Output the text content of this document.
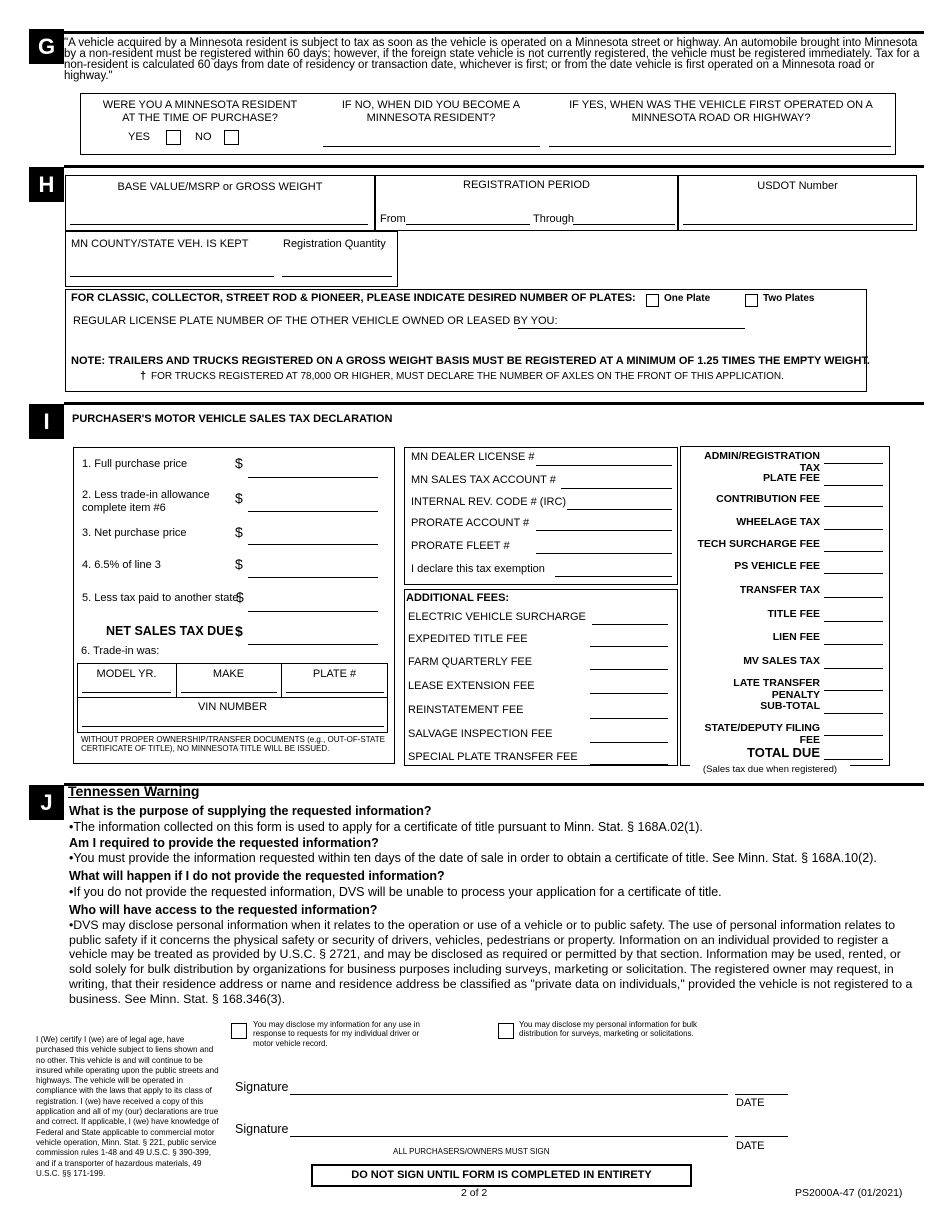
G "A vehicle acquired by a Minnesota resident is subject to tax as soon as the vehicle is operated on a Minnesota street or highway. An automobile brought into Minnesota by a non-resident must be registered within 60 days; however, if the foreign state vehicle is not currently registered, the vehicle must be registered immediately. Tax for a non-resident is calculated 60 days from date of residency or transaction date, whichever is first; or from the date vehicle is first operated on a Minnesota road or highway."
WERE YOU A MINNESOTA RESIDENT AT THE TIME OF PURCHASE?
YES	NO
IF NO, WHEN DID YOU BECOME A MINNESOTA RESIDENT?
IF YES, WHEN WAS THE VEHICLE FIRST OPERATED ON A MINNESOTA ROAD OR HIGHWAY?
H	BASE VALUE/MSRP or GROSS WEIGHT	REGISTRATION PERIOD
From	Through
USDOT Number
MN COUNTY/STATE VEH. IS KEPT	Registration Quantity
FOR CLASSIC, COLLECTOR, STREET ROD & PIONEER, PLEASE INDICATE DESIRED NUMBER OF PLATES:	One Plate	Two Plates
REGULAR LICENSE PLATE NUMBER OF THE OTHER VEHICLE OWNED OR LEASED BY YOU:
NOTE: TRAILERS AND TRUCKS REGISTERED ON A GROSS WEIGHT BASIS MUST BE REGISTERED AT A MINIMUM OF 1.25 TIMES THE EMPTY WEIGHT.
† FOR TRUCKS REGISTERED AT 78,000 OR HIGHER, MUST DECLARE THE NUMBER OF AXLES ON THE FRONT OF THIS APPLICATION.
I	PURCHASER'S MOTOR VEHICLE SALES TAX DECLARATION
1. Full purchase price	$
2. Less trade-in allowance complete item #6
$
3. Net purchase price	$
4. 6.5% of line 3	$
5. Less tax paid to another state
$
NET SALES TAX DUE $
6. Trade-in was:
MODEL YR.	MAKE	PLATE #
VIN NUMBER
WITHOUT PROPER OWNERSHIP/TRANSFER DOCUMENTS (e.g., OUT-OF-STATE CERTIFICATE OF TITLE), NO MINNESOTA TITLE WILL BE ISSUED.
MN DEALER LICENSE #
MN SALES TAX ACCOUNT #
INTERNAL REV. CODE # (IRC)
PRORATE ACCOUNT #
PRORATE FLEET #
I declare this tax exemption
ADDITIONAL FEES:
ELECTRIC VEHICLE SURCHARGE
EXPEDITED TITLE FEE
FARM QUARTERLY FEE
LEASE EXTENSION FEE
REINSTATEMENT FEE
SALVAGE INSPECTION FEE
SPECIAL PLATE TRANSFER FEE
ADMIN/REGISTRATION TAX
PLATE FEE
CONTRIBUTION FEE
WHEELAGE TAX
TECH SURCHARGE FEE
PS VEHICLE FEE
TRANSFER TAX
TITLE FEE
LIEN FEE
MV SALES TAX
LATE TRANSFER PENALTY
SUB-TOTAL
STATE/DEPUTY FILING FEE
TOTAL DUE
(Sales tax due when registered)
J	Tennessen Warning
What is the purpose of supplying the requested information?
•The information collected on this form is used to apply for a certificate of title pursuant to Minn. Stat. § 168A.02(1).
Am I required to provide the requested information?
•You must provide the information requested within ten days of the date of sale in order to obtain a certificate of title. See Minn. Stat. § 168A.10(2).
What will happen if I do not provide the requested information?
•If you do not provide the requested information, DVS will be unable to process your application for a certificate of title.
Who will have access to the requested information?
•DVS may disclose personal information when it relates to the operation or use of a vehicle or to public safety. The use of personal information relates to public safety if it concerns the physical safety or security of drivers, vehicles, pedestrians or property. Information on an individual provided to register a vehicle may be treated as provided by U.S.C. § 2721, and may be disclosed as required or permitted by that section. Information may be used, rented, or sold solely for bulk distribution by organizations for business purposes including surveys, marketing or solicitation. The registered owner may request, in writing, that their residence address or name and residence address be classified as "private data on individuals," provided the vehicle is not registered to a business. See Minn. Stat. § 168.346(3).
I (We) certify I (we) are of legal age, have purchased this vehicle subject to liens shown and no other. This vehicle is and will continue to be insured while operating upon the public streets and highways. The vehicle will be operated in compliance with the laws that apply to its class of registration. I (we) have received a copy of this application and all of my (our) declarations are true and correct. If applicable, I (we) have knowledge of Federal and State applicable to commercial motor vehicle operation, Minn. Stat. § 221, public service commission rules 1-48 and 49 U.S.C. § 390-399, and if a transporter of hazardous materials, 49 U.S.C. §§ 171-199.
You may disclose my information for any use in response to requests for my individual driver or motor vehicle record.
You may disclose my personal information for bulk distribution for surveys, marketing or solicitations.
Signature
DATE
Signature
DATE
ALL PURCHASERS/OWNERS MUST SIGN
DO NOT SIGN UNTIL FORM IS COMPLETED IN ENTIRETY
2 of 2	PS2000A-47 (01/2021)
